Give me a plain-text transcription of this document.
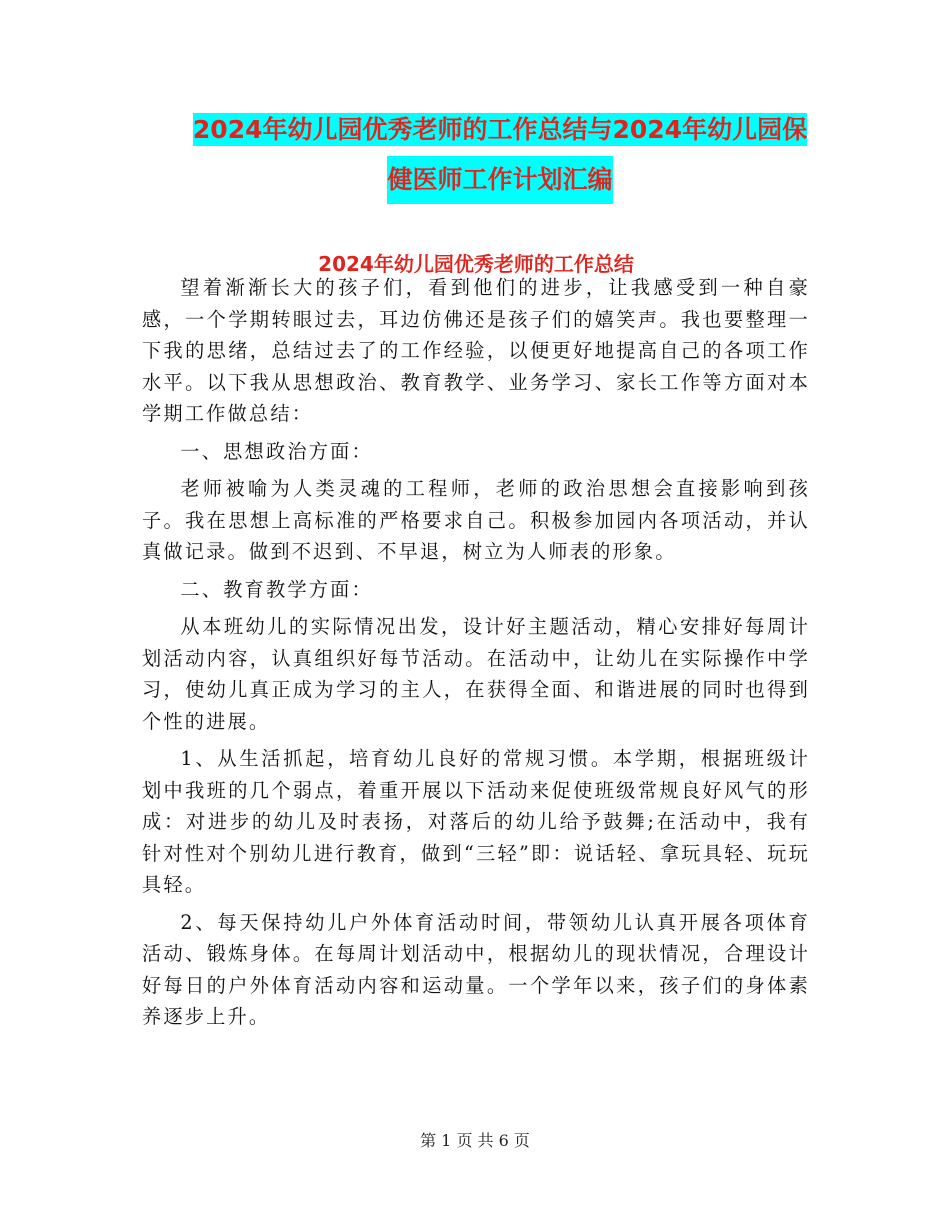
2024年幼儿园优秀老师的工作总结与2024年幼儿园保 健医师工作计划汇编
2024年幼儿园优秀老师的工作总结

望着渐渐长大的孩子们，看到他们的进步，让我感受到一种自豪感，一个学期转眼过去，耳边仿佛还是孩子们的嬉笑声。我也要整理一下我的思绪，总结过去了的工作经验，以便更好地提高自己的各项工作水平。以下我从思想政治、教育教学、业务学习、家长工作等方面对本学期工作做总结：

一、思想政治方面：

老师被喻为人类灵魂的工程师，老师的政治思想会直接影响到孩子。我在思想上高标准的严格要求自己。积极参加园内各项活动，并认真做记录。做到不迟到、不早退，树立为人师表的形象。

二、教育教学方面：

从本班幼儿的实际情况出发，设计好主题活动，精心安排好每周计划活动内容，认真组织好每节活动。在活动中，让幼儿在实际操作中学习，使幼儿真正成为学习的主人，在获得全面、和谐进展的同时也得到个性的进展。

1、从生活抓起，培育幼儿良好的常规习惯。本学期，根据班级计划中我班的几个弱点，着重开展以下活动来促使班级常规良好风气的形成：对进步的幼儿及时表扬，对落后的幼儿给予鼓舞;在活动中，我有针对性对个别幼儿进行教育，做到“三轻”即：说话轻、拿玩具轻、玩玩具轻。

2、每天保持幼儿户外体育活动时间，带领幼儿认真开展各项体育活动、锻炼身体。在每周计划活动中，根据幼儿的现状情况，合理设计好每日的户外体育活动内容和运动量。一个学年以来，孩子们的身体素养逐步上升。

第 1 页 共 6 页
